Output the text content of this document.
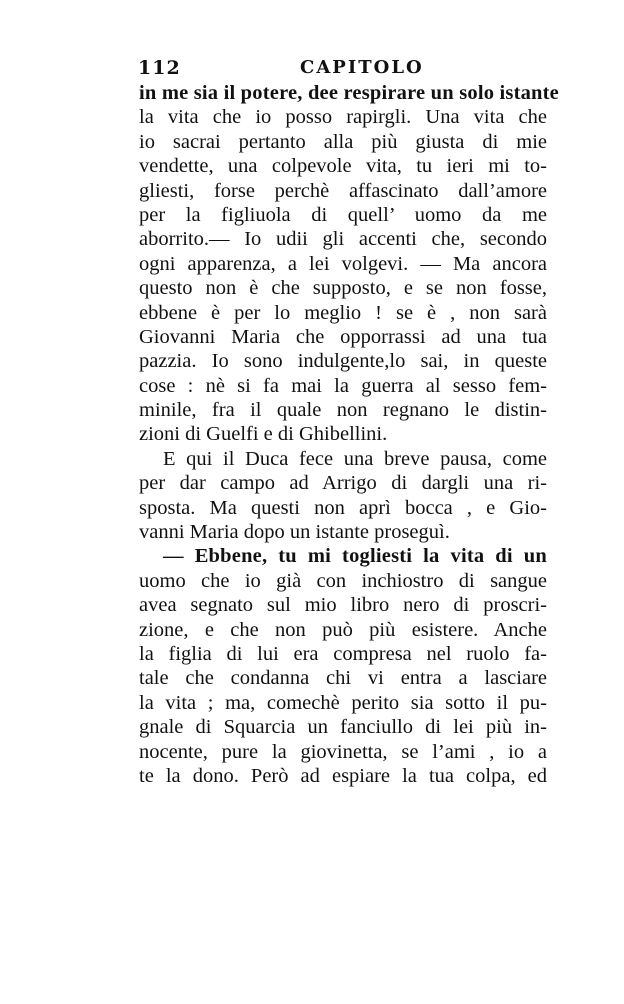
112	CAPITOLO
in me sia il potere, dee respirare un solo istante
la vita che io posso rapirgli. Una vita che
io sacrai pertanto alla più giusta di mie
vendette, una colpevole vita, tu ieri mi to-
gliesti, forse perchè affascinato dall’amore
per la figliuola di quell’ uomo da me
aborrito.— Io udii gli accenti che, secondo
ogni apparenza, a lei volgevi. — Ma ancora
questo non è che supposto, e se non fosse,
ebbene è per lo meglio ! se è , non sarà
Giovanni Maria che opporrassi ad una tua
pazzia. Io sono indulgente,lo sai, in queste
cose : nè si fa mai la guerra al sesso fem-
minile, fra il quale non regnano le distin-
zioni di Guelfi e di Ghibellini.
E qui il Duca fece una breve pausa, come
per dar campo ad Arrigo di dargli una ri-
sposta. Ma questi non aprì bocca , e Gio-
vanni Maria dopo un istante proseguì.
— Ebbene, tu mi togliesti la vita di un
uomo che io già con inchiostro di sangue
avea segnato sul mio libro nero di proscri-
zione, e che non può più esistere. Anche
la figlia di lui era compresa nel ruolo fa-
tale che condanna chi vi entra a lasciare
la vita ; ma, comechè perito sia sotto il pu-
gnale di Squarcia un fanciullo di lei più in-
nocente, pure la giovinetta, se l’ami , io a
te la dono. Però ad espiare la tua colpa, ed
